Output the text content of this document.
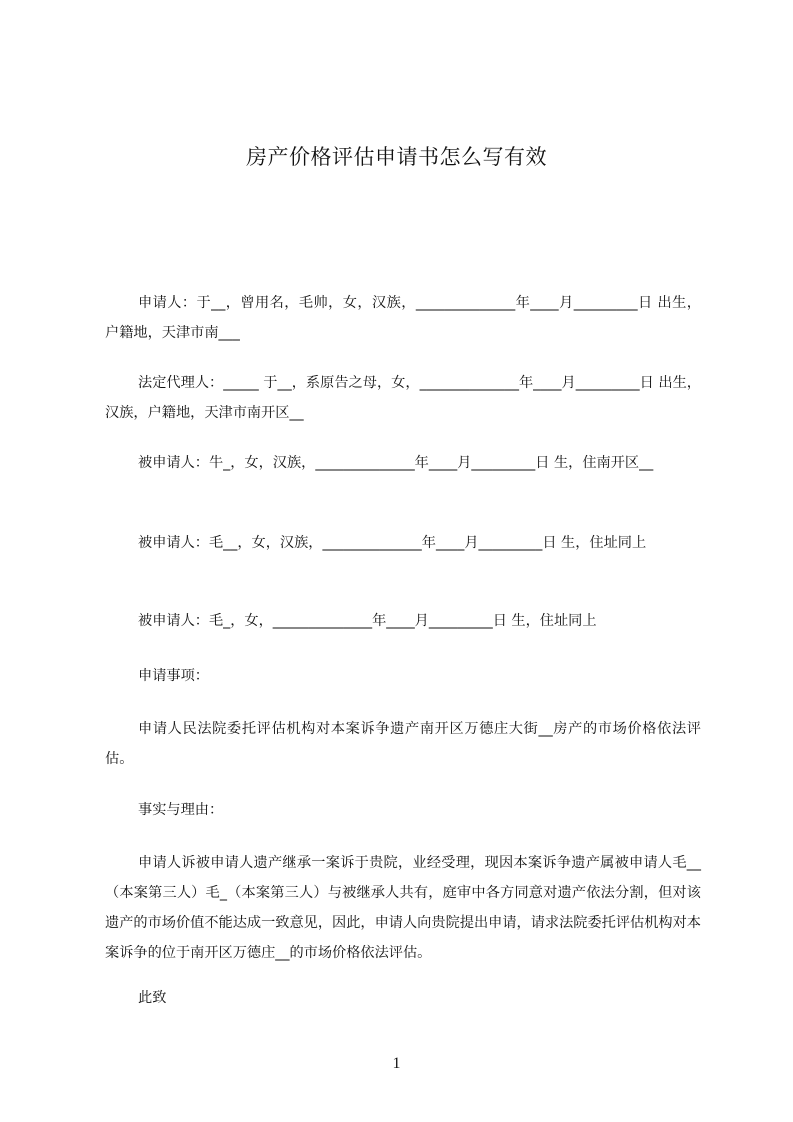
房产价格评估申请书怎么写有效
申请人：于__，曾用名，毛帅，女，汉族，______________年____月_________日 出生，户籍地，天津市南___
法定代理人：_____ 于__，系原告之母，女，______________年____月_________日 出生，汉族，户籍地，天津市南开区__
被申请人：牛_，女，汉族，______________年____月_________日 生，住南开区__
被申请人：毛__，女，汉族，______________年____月_________日 生，住址同上
被申请人：毛_，女，______________年____月_________日 生，住址同上
申请事项：
申请人民法院委托评估机构对本案诉争遗产南开区万德庄大街__房产的市场价格依法评估。
事实与理由：
申请人诉被申请人遗产继承一案诉于贵院，业经受理，现因本案诉争遗产属被申请人毛__（本案第三人）毛_（本案第三人）与被继承人共有，庭审中各方同意对遗产依法分割，但对该遗产的市场价值不能达成一致意见，因此，申请人向贵院提出申请，请求法院委托评估机构对本案诉争的位于南开区万德庄__的市场价格依法评估。
此致
1
